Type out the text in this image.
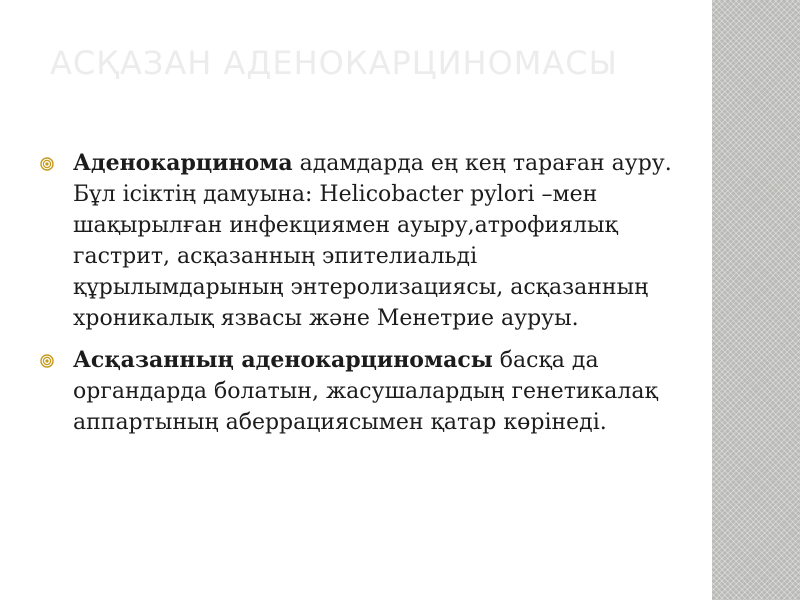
АСҚАЗАН АДЕНОКАРЦИНОМАСЫ
Аденокарцинома адамдарда ең кең тараған ауру. Бұл ісіктің дамуына: Helicobacter pylori –мен шақырылған инфекциямен ауыру,атрофиялық гастрит, асқазанның эпителиальді құрылымдарының энтеролизациясы, асқазанның хроникалық язвасы және Менетрие ауруы.
Асқазанның аденокарциномасы басқа да органдарда болатын, жасушалардың генетикалақ аппартының аберрациясымен қатар көрінеді.
